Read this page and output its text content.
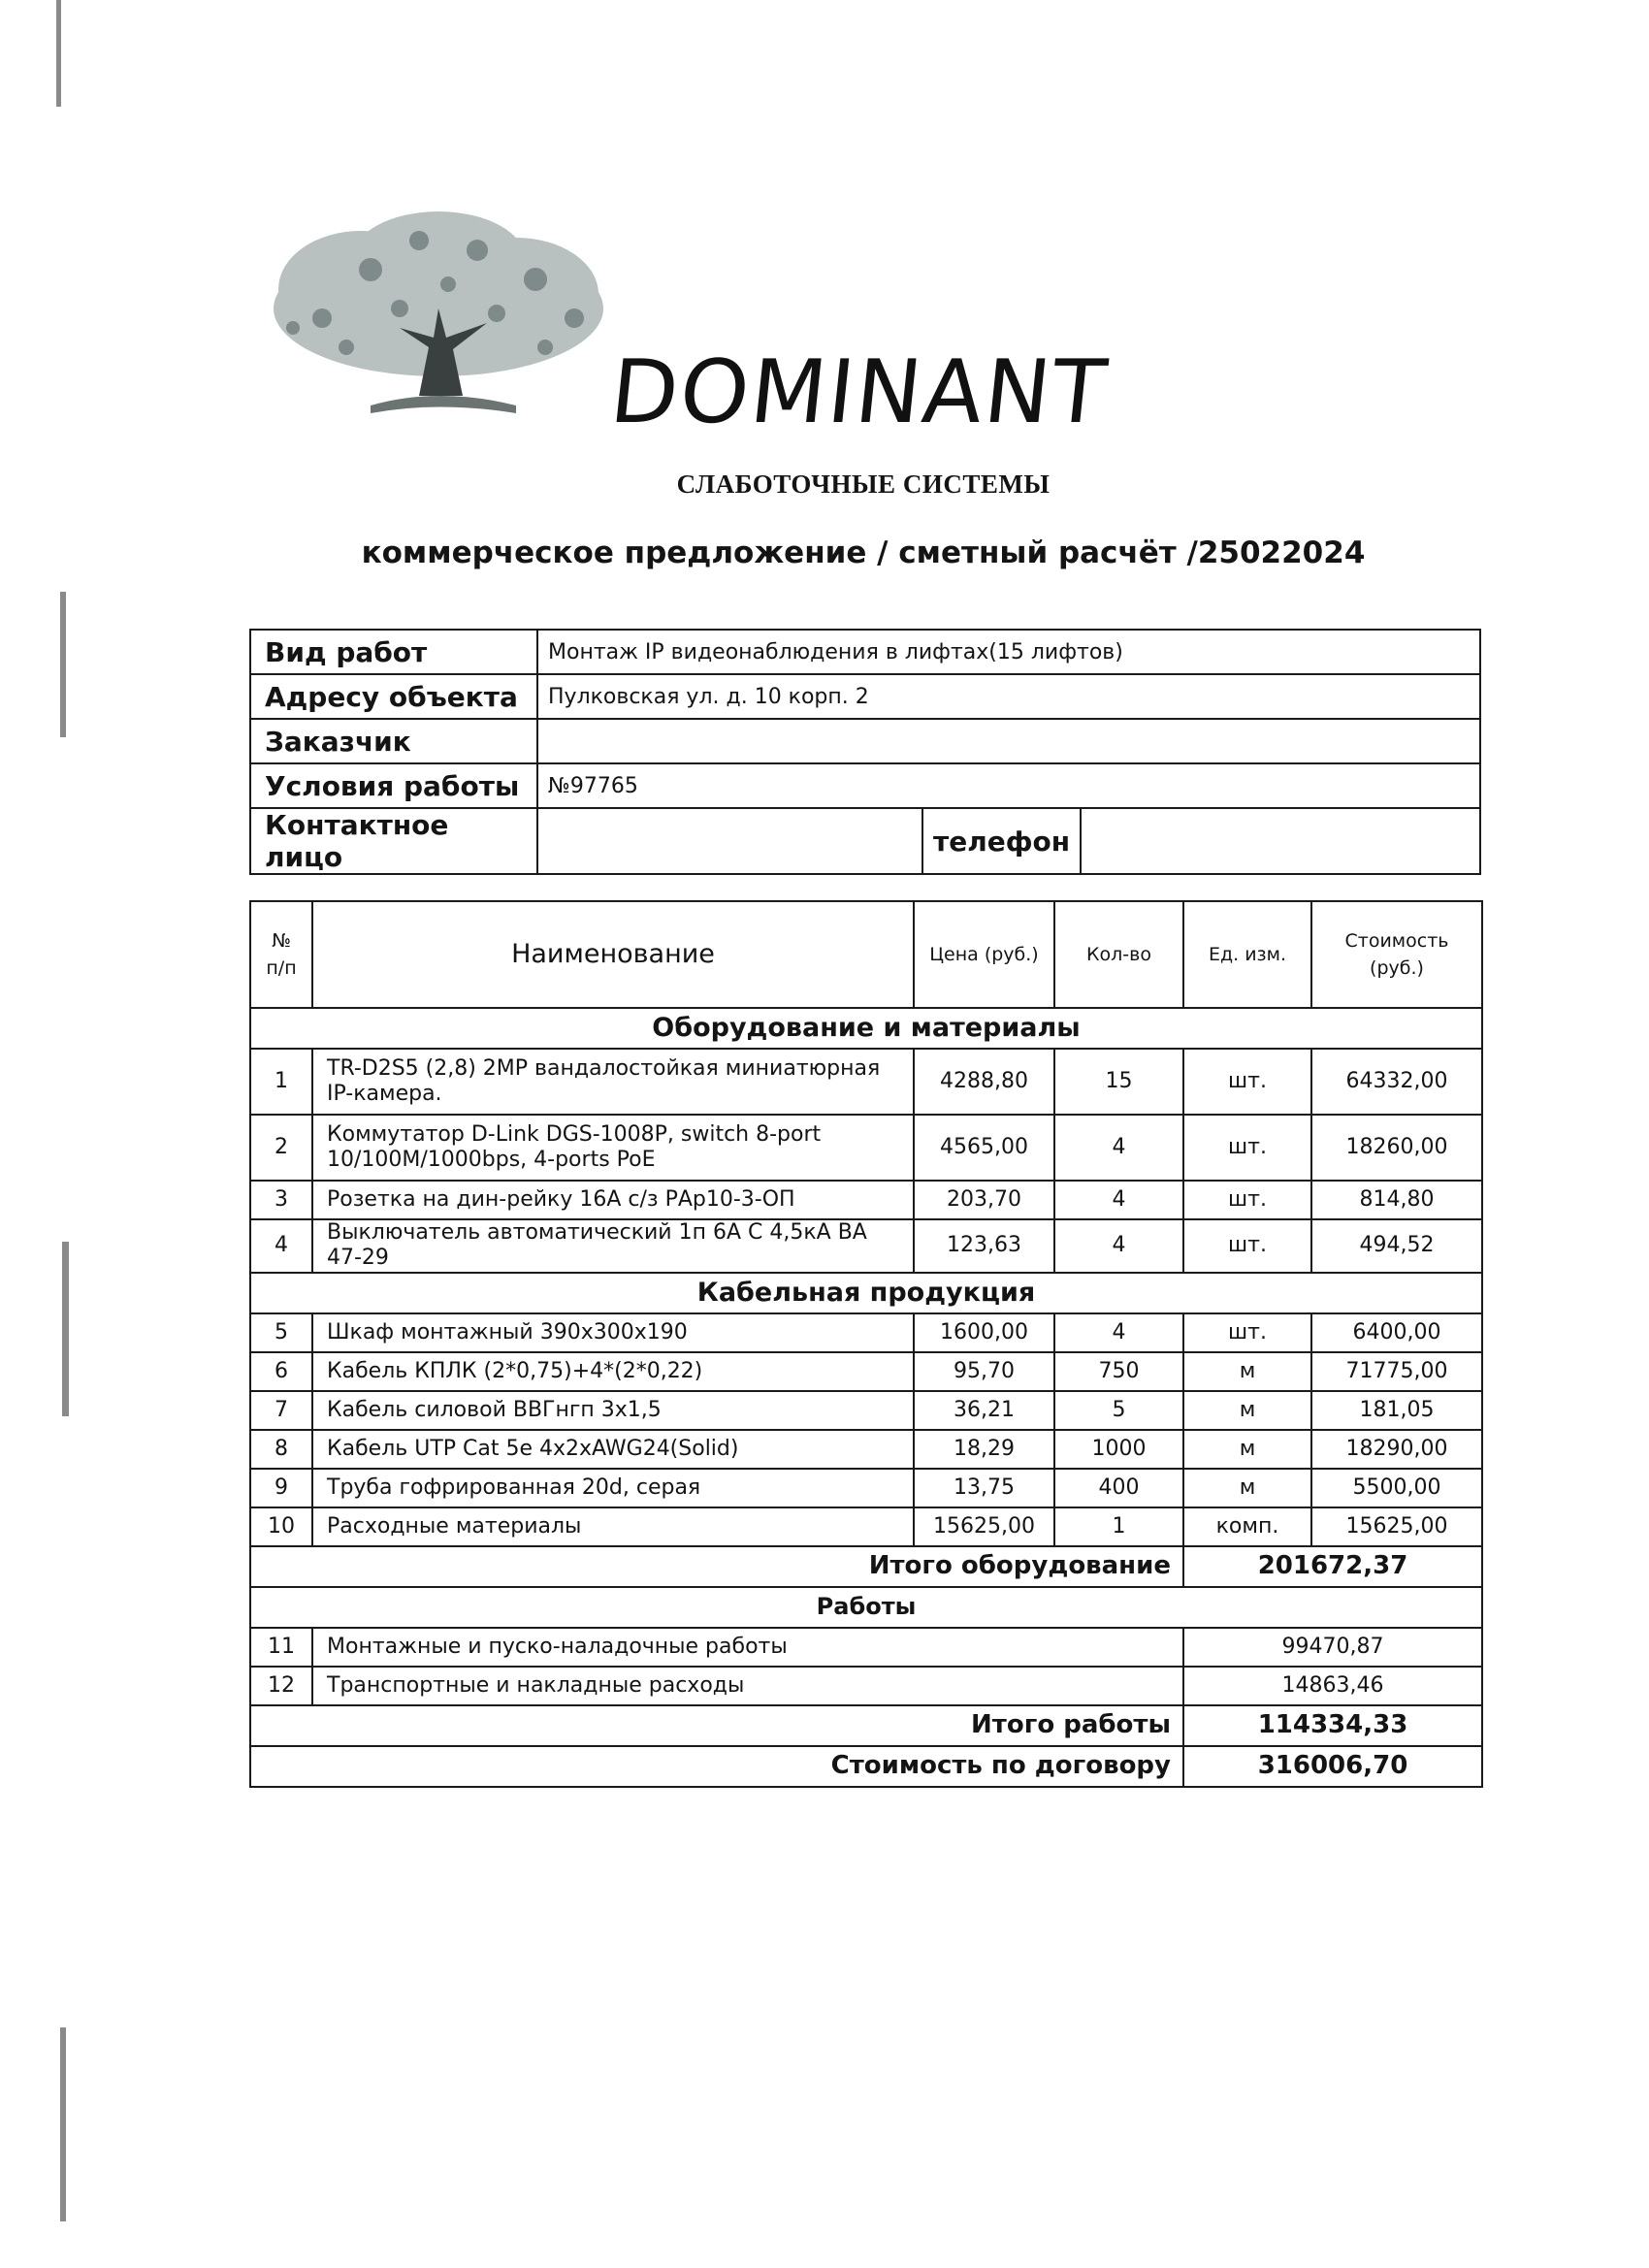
DOMINANT

СЛАБОТОЧНЫЕ СИСТЕМЫ

коммерческое предложение / сметный расчёт /25022024

Вид работ	Монтаж IP видеонаблюдения в лифтах(15 лифтов)		
Адресу объекта	Пулковская ул. д. 10 корп. 2		
Заказчик			
Условия работы	№97765		
Контактное лицо		телефон	
№ п/п	Наименование	Цена (руб.)	Кол-во	Ед. изм.	Стоимость (руб.)
Оборудование и материалы					
1	TR-D2S5 (2,8) 2MP вандалостойкая миниатюрная IP-камера.	4288,80	15	шт.	64332,00
2	Коммутатор D-Link DGS-1008P, switch 8-port 10/100M/1000bps, 4-ports PoE	4565,00	4	шт.	18260,00
3	Розетка на дин-рейку 16А с/з РАр10-3-ОП	203,70	4	шт.	814,80
4	Выключатель автоматический 1п 6А С 4,5кА ВА 47-29	123,63	4	шт.	494,52
Кабельная продукция					
5	Шкаф монтажный 390х300х190	1600,00	4	шт.	6400,00
6	Кабель КПЛК (2*0,75)+4*(2*0,22)	95,70	750	м	71775,00
7	Кабель силовой ВВГнгп 3х1,5	36,21	5	м	181,05
8	Кабель UTP Cat 5e 4x2xAWG24(Solid)	18,29	1000	м	18290,00
9	Труба гофрированная 20d, серая	13,75	400	м	5500,00
10	Расходные материалы	15625,00	1	комп.	15625,00
Итого оборудование				201672,37	
Работы					
11	Монтажные и пуско-наладочные работы			99470,87	
12	Транспортные и накладные расходы			14863,46	
Итого работы				114334,33	
Стоимость по договору				316006,70	
